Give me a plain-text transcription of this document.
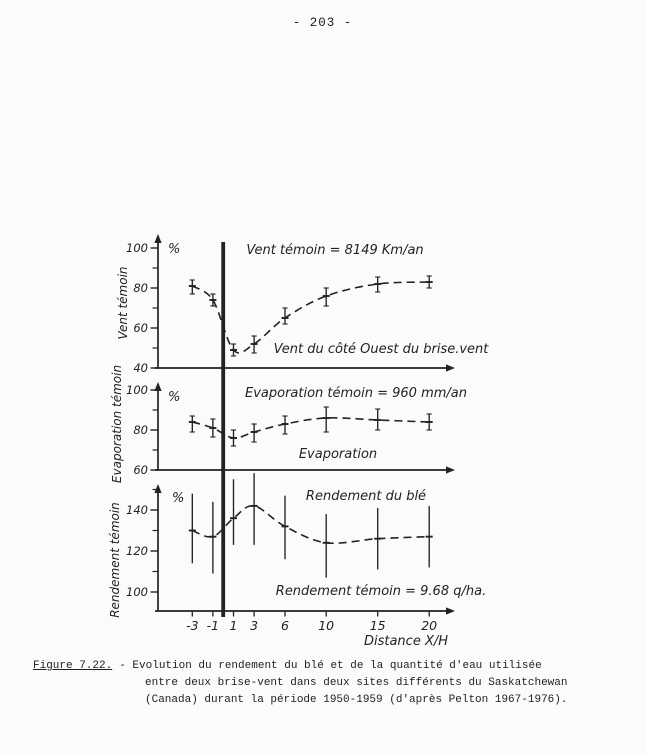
- 203 -
40
60
80
100 %
Vent témoin
Vent témoin = 8149 Km/an
Vent du côté Ouest du brise.vent
60
80
100 %
Evaporation témoin	Evaporation témoin = 960 mm/an
Evaporation
100
120
140
%
Rendement témoin
Rendement du blé
Rendement témoin = 9.68 q/ha.
-3 -1 1 3 6 10	15	20
Distance X/H
Figure 7.22. - Evolution du rendement du blé et de la quantité d'eau utilisée
entre deux brise-vent dans deux sites différents du Saskatchewan
(Canada) durant la période 1950-1959 (d'après Pelton 1967-1976).
